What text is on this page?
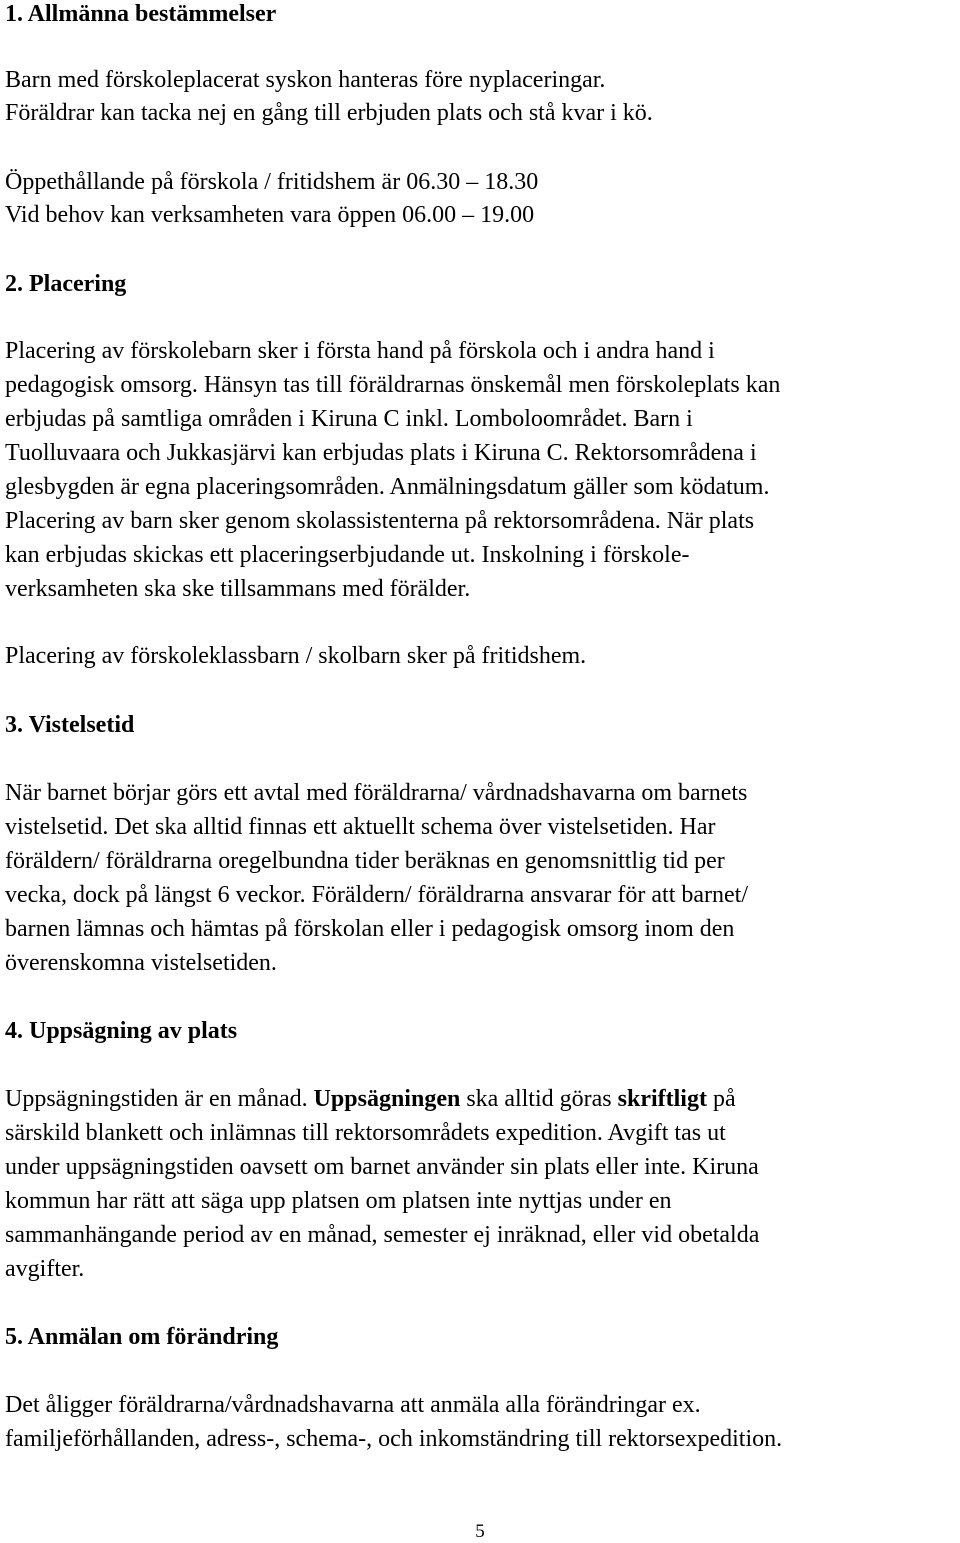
1. Allmänna bestämmelser
Barn med förskoleplacerat syskon hanteras före nyplaceringar.
Föräldrar kan tacka nej en gång till erbjuden plats och stå kvar i kö.
Öppethållande på förskola / fritidshem är 06.30 – 18.30
Vid behov kan verksamheten vara öppen 06.00 – 19.00
2. Placering
Placering av förskolebarn sker i första hand på förskola och i andra hand i
pedagogisk omsorg. Hänsyn tas till föräldrarnas önskemål men förskoleplats kan
erbjudas på samtliga områden i Kiruna C inkl. Lomboloområdet. Barn i
Tuolluvaara och Jukkasjärvi kan erbjudas plats i Kiruna C. Rektorsområdena i
glesbygden är egna placeringsområden. Anmälningsdatum gäller som ködatum.
Placering av barn sker genom skolassistenterna på rektorsområdena. När plats
kan erbjudas skickas ett placeringserbjudande ut. Inskolning i förskole-
verksamheten ska ske tillsammans med förälder.
Placering av förskoleklassbarn / skolbarn sker på fritidshem.
3. Vistelsetid
När barnet börjar görs ett avtal med föräldrarna/ vårdnadshavarna om barnets
vistelsetid. Det ska alltid finnas ett aktuellt schema över vistelsetiden. Har
föräldern/ föräldrarna oregelbundna tider beräknas en genomsnittlig tid per
vecka, dock på längst 6 veckor. Föräldern/ föräldrarna ansvarar för att barnet/
barnen lämnas och hämtas på förskolan eller i pedagogisk omsorg inom den
överenskomna vistelsetiden.
4. Uppsägning av plats
Uppsägningstiden är en månad. Uppsägningen ska alltid göras skriftligt på
särskild blankett och inlämnas till rektorsområdets expedition. Avgift tas ut
under uppsägningstiden oavsett om barnet använder sin plats eller inte. Kiruna
kommun har rätt att säga upp platsen om platsen inte nyttjas under en
sammanhängande period av en månad, semester ej inräknad, eller vid obetalda
avgifter.
5. Anmälan om förändring
Det åligger föräldrarna/vårdnadshavarna att anmäla alla förändringar ex.
familjeförhållanden, adress-, schema-, och inkomständring till rektorsexpedition.
5
